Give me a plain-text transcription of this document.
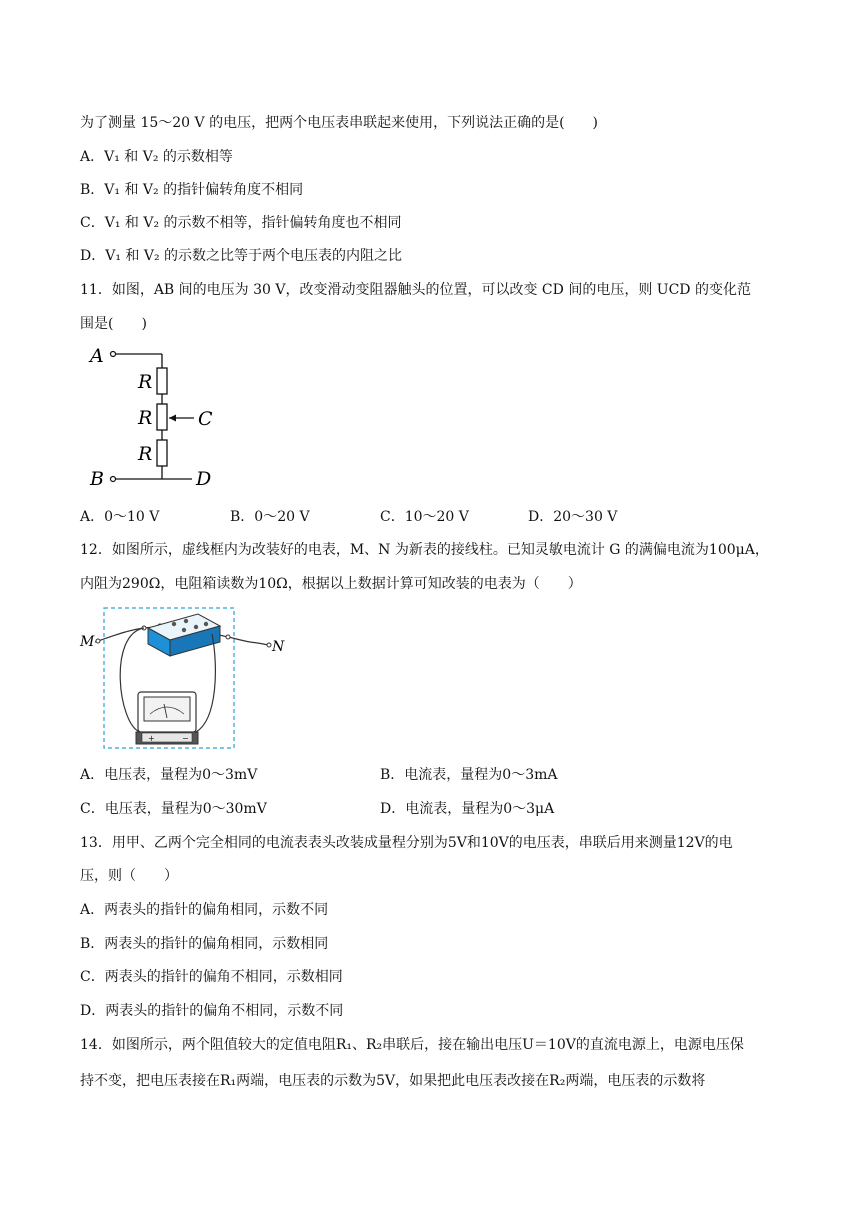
为了测量 15～20 V 的电压，把两个电压表串联起来使用，下列说法正确的是(　　)
A．V₁ 和 V₂ 的示数相等
B．V₁ 和 V₂ 的指针偏转角度不相同
C．V₁ 和 V₂ 的示数不相等，指针偏转角度也不相同
D．V₁ 和 V₂ 的示数之比等于两个电压表的内阻之比
11．如图，AB 间的电压为 30 V，改变滑动变阻器触头的位置，可以改变 CD 间的电压，则 UCD 的变化范
围是(　　)
A
B
C
D
R
R
R
A．0～10 V	B．0～20 V	C．10～20 V	D．20～30 V
12．如图所示，虚线框内为改装好的电表，M、N 为新表的接线柱。已知灵敏电流计 G 的满偏电流为100μA，
内阻为290Ω，电阻箱读数为10Ω，根据以上数据计算可知改装的电表为（　　）
+	−
M	N
A．电压表，量程为0～3mV	B．电流表，量程为0～3mA
C．电压表，量程为0～30mV	D．电流表，量程为0～3μA
13．用甲、乙两个完全相同的电流表表头改装成量程分别为5V和10V的电压表，串联后用来测量12V的电
压，则（　　）
A．两表头的指针的偏角相同，示数不同
B．两表头的指针的偏角相同，示数相同
C．两表头的指针的偏角不相同，示数相同
D．两表头的指针的偏角不相同，示数不同
14．如图所示，两个阻值较大的定值电阻R₁、R₂串联后，接在输出电压U＝10V的直流电源上，电源电压保
持不变，把电压表接在R₁两端，电压表的示数为5V，如果把此电压表改接在R₂两端，电压表的示数将
